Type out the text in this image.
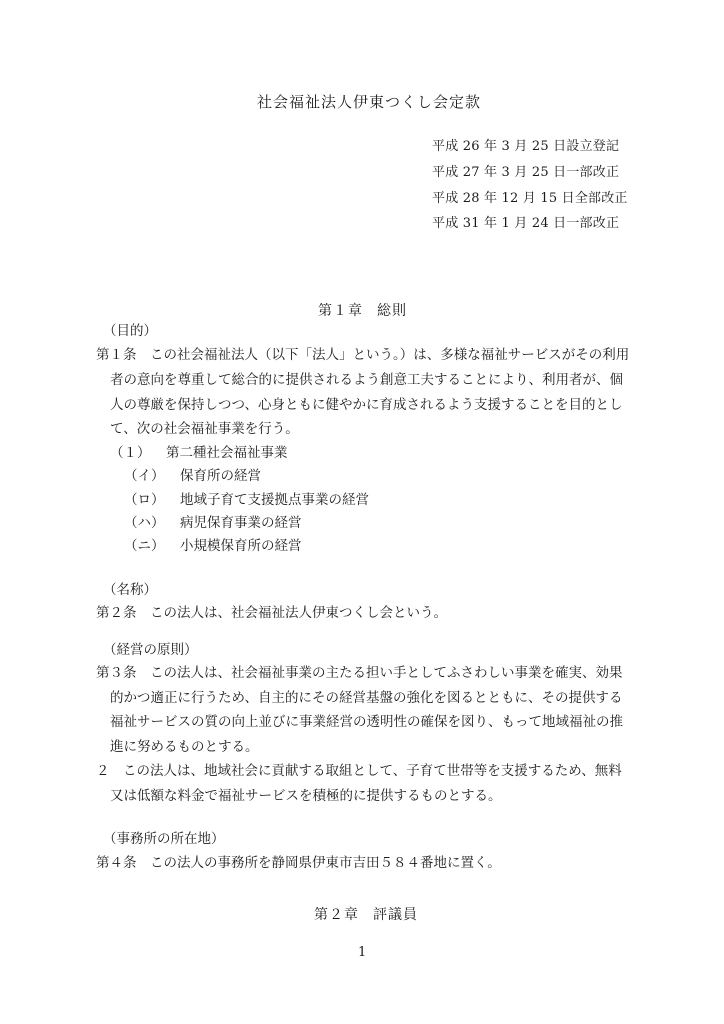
社会福祉法人伊東つくし会定款
平成 26 年 3 月 25 日設立登記
平成 27 年 3 月 25 日一部改正
平成 28 年 12 月 15 日全部改正
平成 31 年 1 月 24 日一部改正
第１章 総則
（目的）
第１条　この社会福祉法人（以下「法人」という。）は、多様な福祉サービスがその利用
者の意向を尊重して総合的に提供されるよう創意工夫することにより、利用者が、個
人の尊厳を保持しつつ、心身ともに健やかに育成されるよう支援することを目的とし
て、次の社会福祉事業を行う。
（１） 第二種社会福祉事業
（イ） 保育所の経営
（ロ） 地域子育て支援拠点事業の経営
（ハ） 病児保育事業の経営
（ニ） 小規模保育所の経営
（名称）
第２条　この法人は、社会福祉法人伊東つくし会という。
（経営の原則）
第３条　この法人は、社会福祉事業の主たる担い手としてふさわしい事業を確実、効果
的かつ適正に行うため、自主的にその経営基盤の強化を図るとともに、その提供する
福祉サービスの質の向上並びに事業経営の透明性の確保を図り、もって地域福祉の推
進に努めるものとする。
２　この法人は、地域社会に貢献する取組として、子育て世帯等を支援するため、無料
又は低額な料金で福祉サービスを積極的に提供するものとする。
（事務所の所在地）
第４条　この法人の事務所を静岡県伊東市吉田５８４番地に置く。
第２章 評議員
1
